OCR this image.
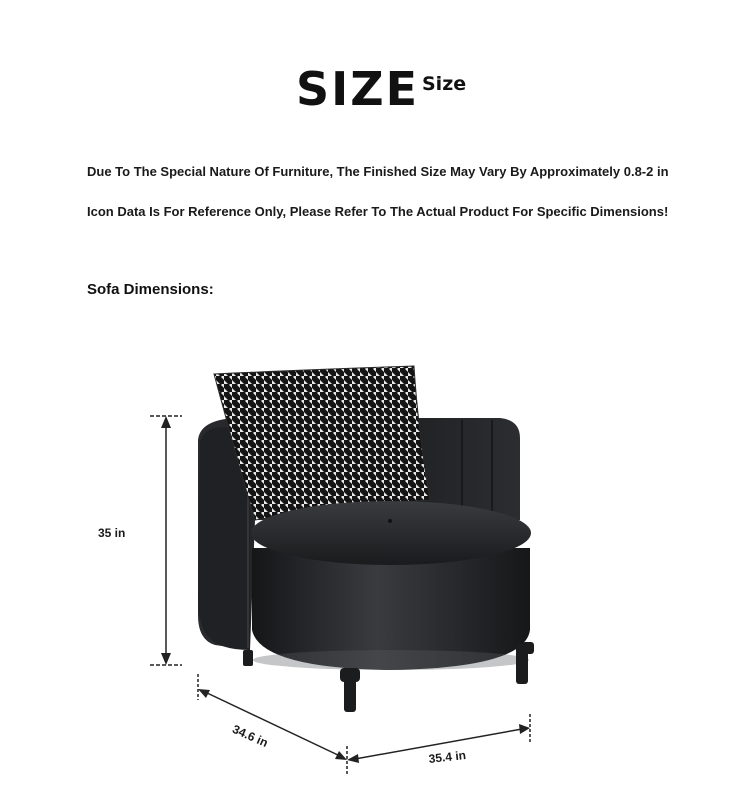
SIZE Size
Due To The Special Nature Of Furniture, The Finished Size May Vary By Approximately 0.8-2 in
Icon Data Is For Reference Only, Please Refer To The Actual Product For Specific Dimensions!
Sofa Dimensions:
35 in
34.6 in
35.4 in
